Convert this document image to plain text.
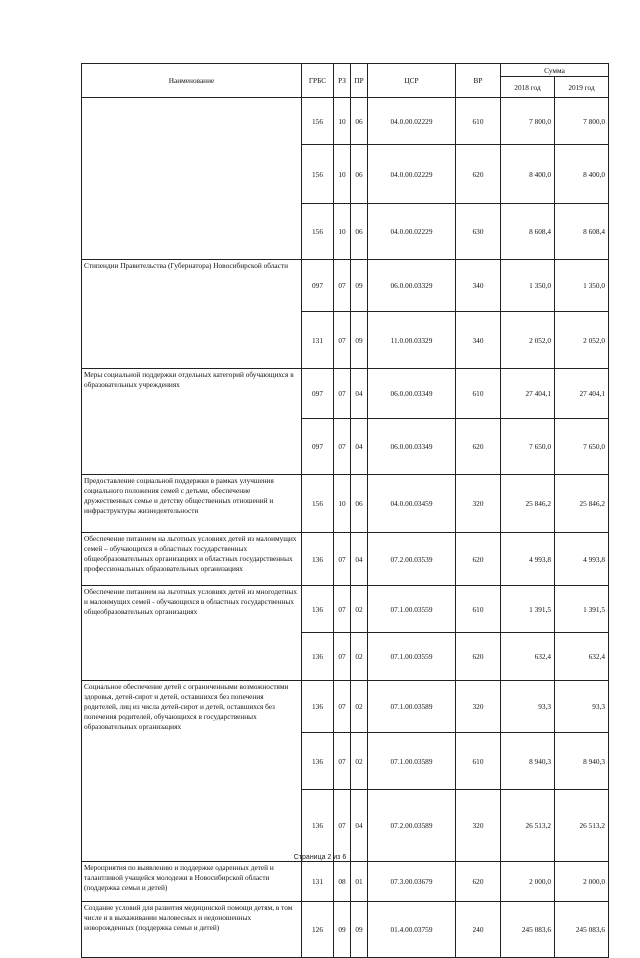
Наименование	ГРБС	РЗ	ПР	ЦСР	ВР	Сумма	
						2018 год	2019 год
	156	10	06	04.0.00.02229	610	7 800,0	7 800,0
	156	10	06	04.0.00.02229	620	8 400,0	8 400,0
	156	10	06	04.0.00.02229	630	8 608,4	8 608,4
Стипендии Правительства (Губернатора) Новосибирской области	097	07	09	06.0.00.03329	340	1 350,0	1 350,0
	131	07	09	11.0.00.03329	340	2 052,0	2 052,0
Меры социальной поддержки отдельных категорий обучающихся в образовательных учреждениях	097	07	04	06.0.00.03349	610	27 404,1	27 404,1
	097	07	04	06.0.00.03349	620	7 650,0	7 650,0
Предоставление социальной поддержки в рамках улучшения социального положения семей с детьми, обеспечение дружественных семье и детству общественных отношений и инфраструктуры жизнедеятельности	156	10	06	04.0.00.03459	320	25 846,2	25 846,2
Обеспечение питанием на льготных условиях детей из малоимущих семей – обучающихся в областных государственных общеобразовательных организациях и областных государственных профессиональных образовательных организациях	136	07	04	07.2.00.03539	620	4 993,8	4 993,8
Обеспечение питанием на льготных условиях детей из многодетных и малоимущих семей - обучающихся в областных государственных общеобразовательных организациях	136	07	02	07.1.00.03559	610	1 391,5	1 391,5
	136	07	02	07.1.00.03559	620	632,4	632,4
Социальное обеспечение детей с ограниченными возможностями здоровья, детей-сирот и детей, оставшихся без попечения родителей, лиц из числа детей-сирот и детей, оставшихся без попечения родителей, обучающихся в государственных образовательных организациях	136	07	02	07.1.00.03589	320	93,3	93,3
	136	07	02	07.1.00.03589	610	8 940,3	8 940,3
	136	07	04	07.2.00.03589	320	26 513,2	26 513,2
Мероприятия по выявлению и поддержке одаренных детей и талантливой учащейся молодежи в Новосибирской области (поддержка семьи и детей)	131	08	01	07.3.00.03679	620	2 000,0	2 000,0
Создание условий для развития медицинской помощи детям, в том числе и в выхаживании маловесных и недоношенных новорожденных (поддержка семьи и детей)	126	09	09	01.4.00.03759	240	245 083,6	245 083,6
Страница 2 из 6
